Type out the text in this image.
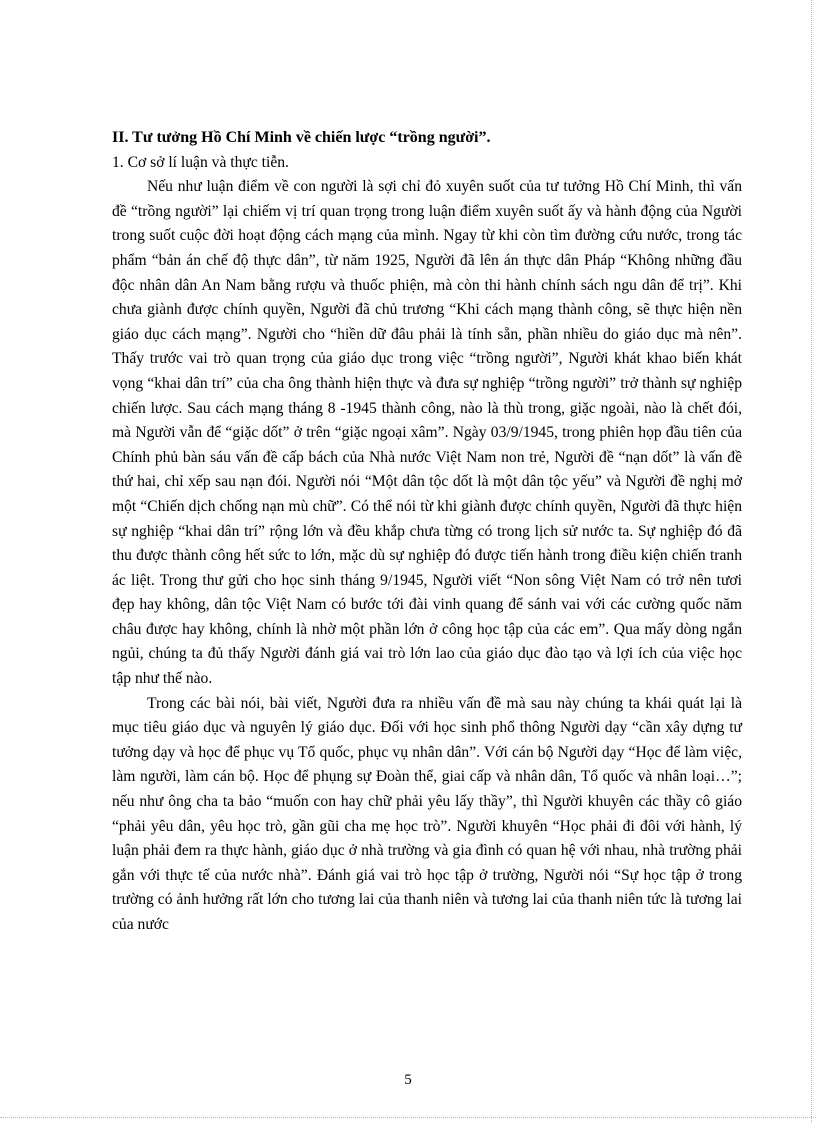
II. Tư tưởng Hồ Chí Minh về chiến lược “trồng người”.

1. Cơ sở lí luận và thực tiễn.

Nếu như luận điểm về con người là sợi chỉ đỏ xuyên suốt của tư tưởng Hồ Chí Minh, thì vấn đề “trồng người” lại chiếm vị trí quan trọng trong luận điểm xuyên suốt ấy và hành động của Người trong suốt cuộc đời hoạt động cách mạng của mình. Ngay từ khi còn tìm đường cứu nước, trong tác phẩm “bản án chế độ thực dân”, từ năm 1925, Người đã lên án thực dân Pháp “Không những đầu độc nhân dân An Nam bằng rượu và thuốc phiện, mà còn thi hành chính sách ngu dân để trị”. Khi chưa giành được chính quyền, Người đã chủ trương “Khi cách mạng thành công, sẽ thực hiện nền giáo dục cách mạng”. Người cho “hiền dữ đâu phải là tính sẵn, phần nhiều do giáo dục mà nên”. Thấy trước vai trò quan trọng của giáo dục trong việc “trồng người”, Người khát khao biến khát vọng “khai dân trí” của cha ông thành hiện thực và đưa sự nghiệp “trồng người” trở thành sự nghiệp chiến lược. Sau cách mạng tháng 8 -1945 thành công, nào là thù trong, giặc ngoài, nào là chết đói, mà Người vẫn để “giặc dốt” ở trên “giặc ngoại xâm”. Ngày 03/9/1945, trong phiên họp đầu tiên của Chính phủ bàn sáu vấn đề cấp bách của Nhà nước Việt Nam non trẻ, Người đề “nạn dốt” là vấn đề thứ hai, chỉ xếp sau nạn đói. Người nói “Một dân tộc dốt là một dân tộc yếu” và Người đề nghị mở một “Chiến dịch chống nạn mù chữ”. Có thể nói từ khi giành được chính quyền, Người đã thực hiện sự nghiệp “khai dân trí” rộng lớn và đều khắp chưa từng có trong lịch sử nước ta. Sự nghiệp đó đã thu được thành công hết sức to lớn, mặc dù sự nghiệp đó được tiến hành trong điều kiện chiến tranh ác liệt. Trong thư gửi cho học sinh tháng 9/1945, Người viết “Non sông Việt Nam có trở nên tươi đẹp hay không, dân tộc Việt Nam có bước tới đài vinh quang để sánh vai với các cường quốc năm châu được hay không, chính là nhờ một phần lớn ở công học tập của các em”. Qua mấy dòng ngắn ngủi, chúng ta đủ thấy Người đánh giá vai trò lớn lao của giáo dục đào tạo và lợi ích của việc học tập như thế nào.

Trong các bài nói, bài viết, Người đưa ra nhiều vấn đề mà sau này chúng ta khái quát lại là mục tiêu giáo dục và nguyên lý giáo dục. Đối với học sinh phổ thông Người dạy “cần xây dựng tư tưởng dạy và học để phục vụ Tổ quốc, phục vụ nhân dân”. Với cán bộ Người dạy “Học để làm việc, làm người, làm cán bộ. Học để phụng sự Đoàn thể, giai cấp và nhân dân, Tổ quốc và nhân loại…”; nếu như ông cha ta bảo “muốn con hay chữ phải yêu lấy thầy”, thì Người khuyên các thầy cô giáo “phải yêu dân, yêu học trò, gần gũi cha mẹ học trò”. Người khuyên “Học phải đi đôi với hành, lý luận phải đem ra thực hành, giáo dục ở nhà trường và gia đình có quan hệ với nhau, nhà trường phải gắn với thực tế của nước nhà”. Đánh giá vai trò học tập ở trường, Người nói “Sự học tập ở trong trường có ảnh hưởng rất lớn cho tương lai của thanh niên và tương lai của thanh niên tức là tương lai của nước

5
